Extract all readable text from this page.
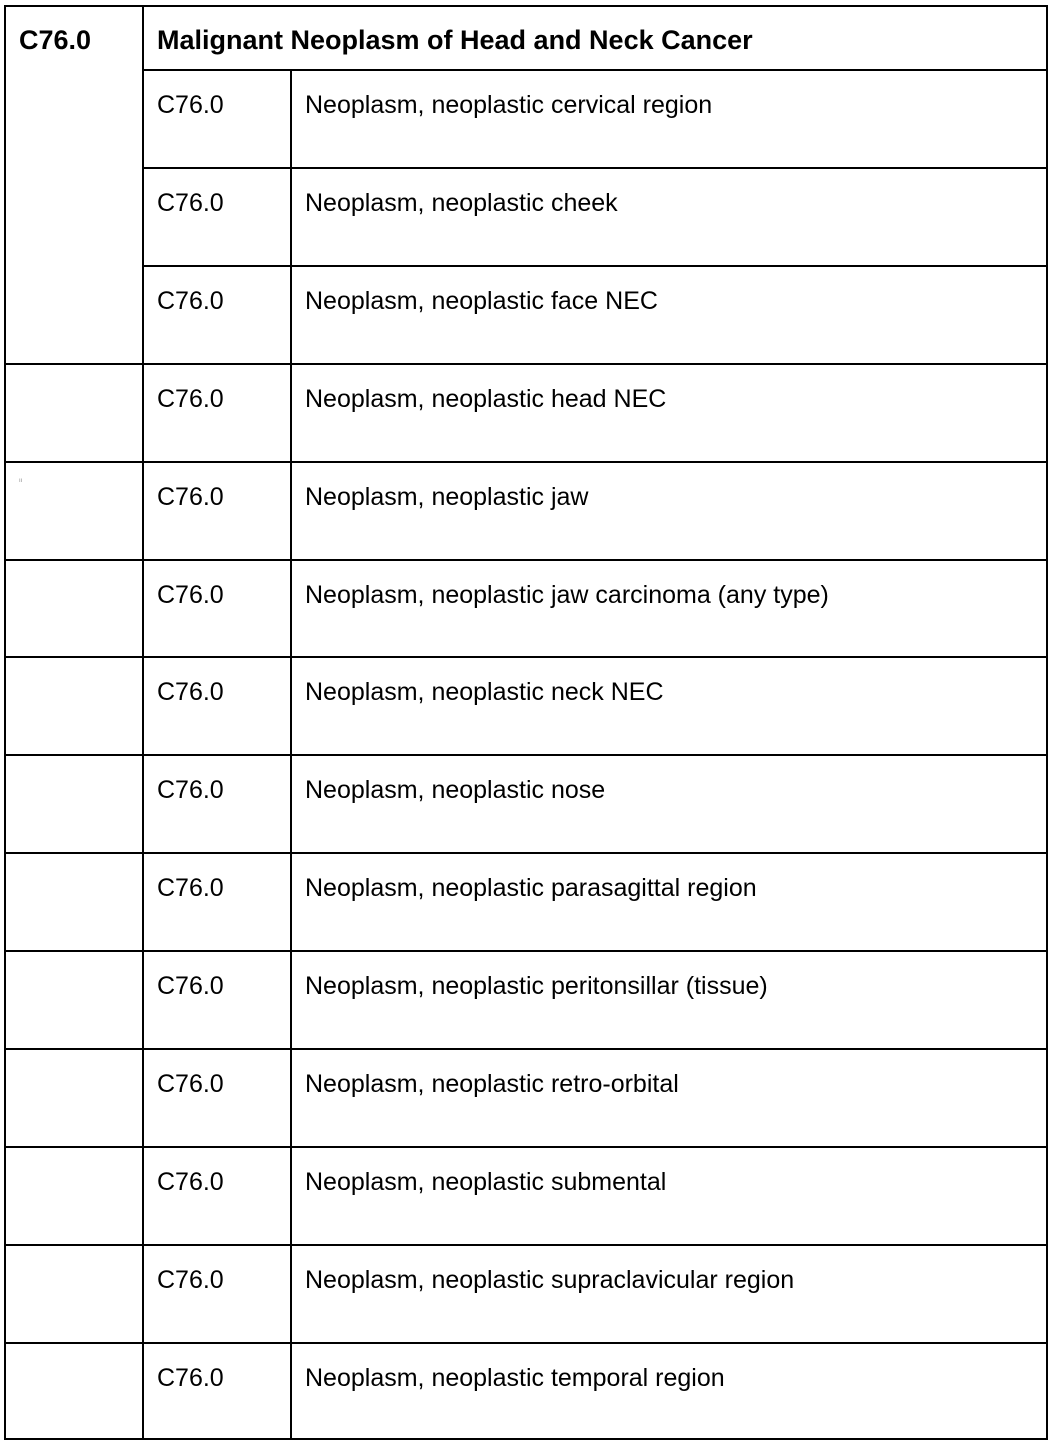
C76.0 Malignant Neoplasm of Head and Neck Cancer
C76.0	Neoplasm, neoplastic cervical region
C76.0	Neoplasm, neoplastic cheek
C76.0	Neoplasm, neoplastic face NEC
C76.0	Neoplasm, neoplastic head NEC
C76.0	Neoplasm, neoplastic jaw
C76.0	Neoplasm, neoplastic jaw carcinoma (any type)
C76.0	Neoplasm, neoplastic neck NEC
C76.0	Neoplasm, neoplastic nose
C76.0	Neoplasm, neoplastic parasagittal region
C76.0	Neoplasm, neoplastic peritonsillar (tissue)
C76.0	Neoplasm, neoplastic retro-orbital
C76.0	Neoplasm, neoplastic submental
C76.0	Neoplasm, neoplastic supraclavicular region
C76.0	Neoplasm, neoplastic temporal region
ıı
